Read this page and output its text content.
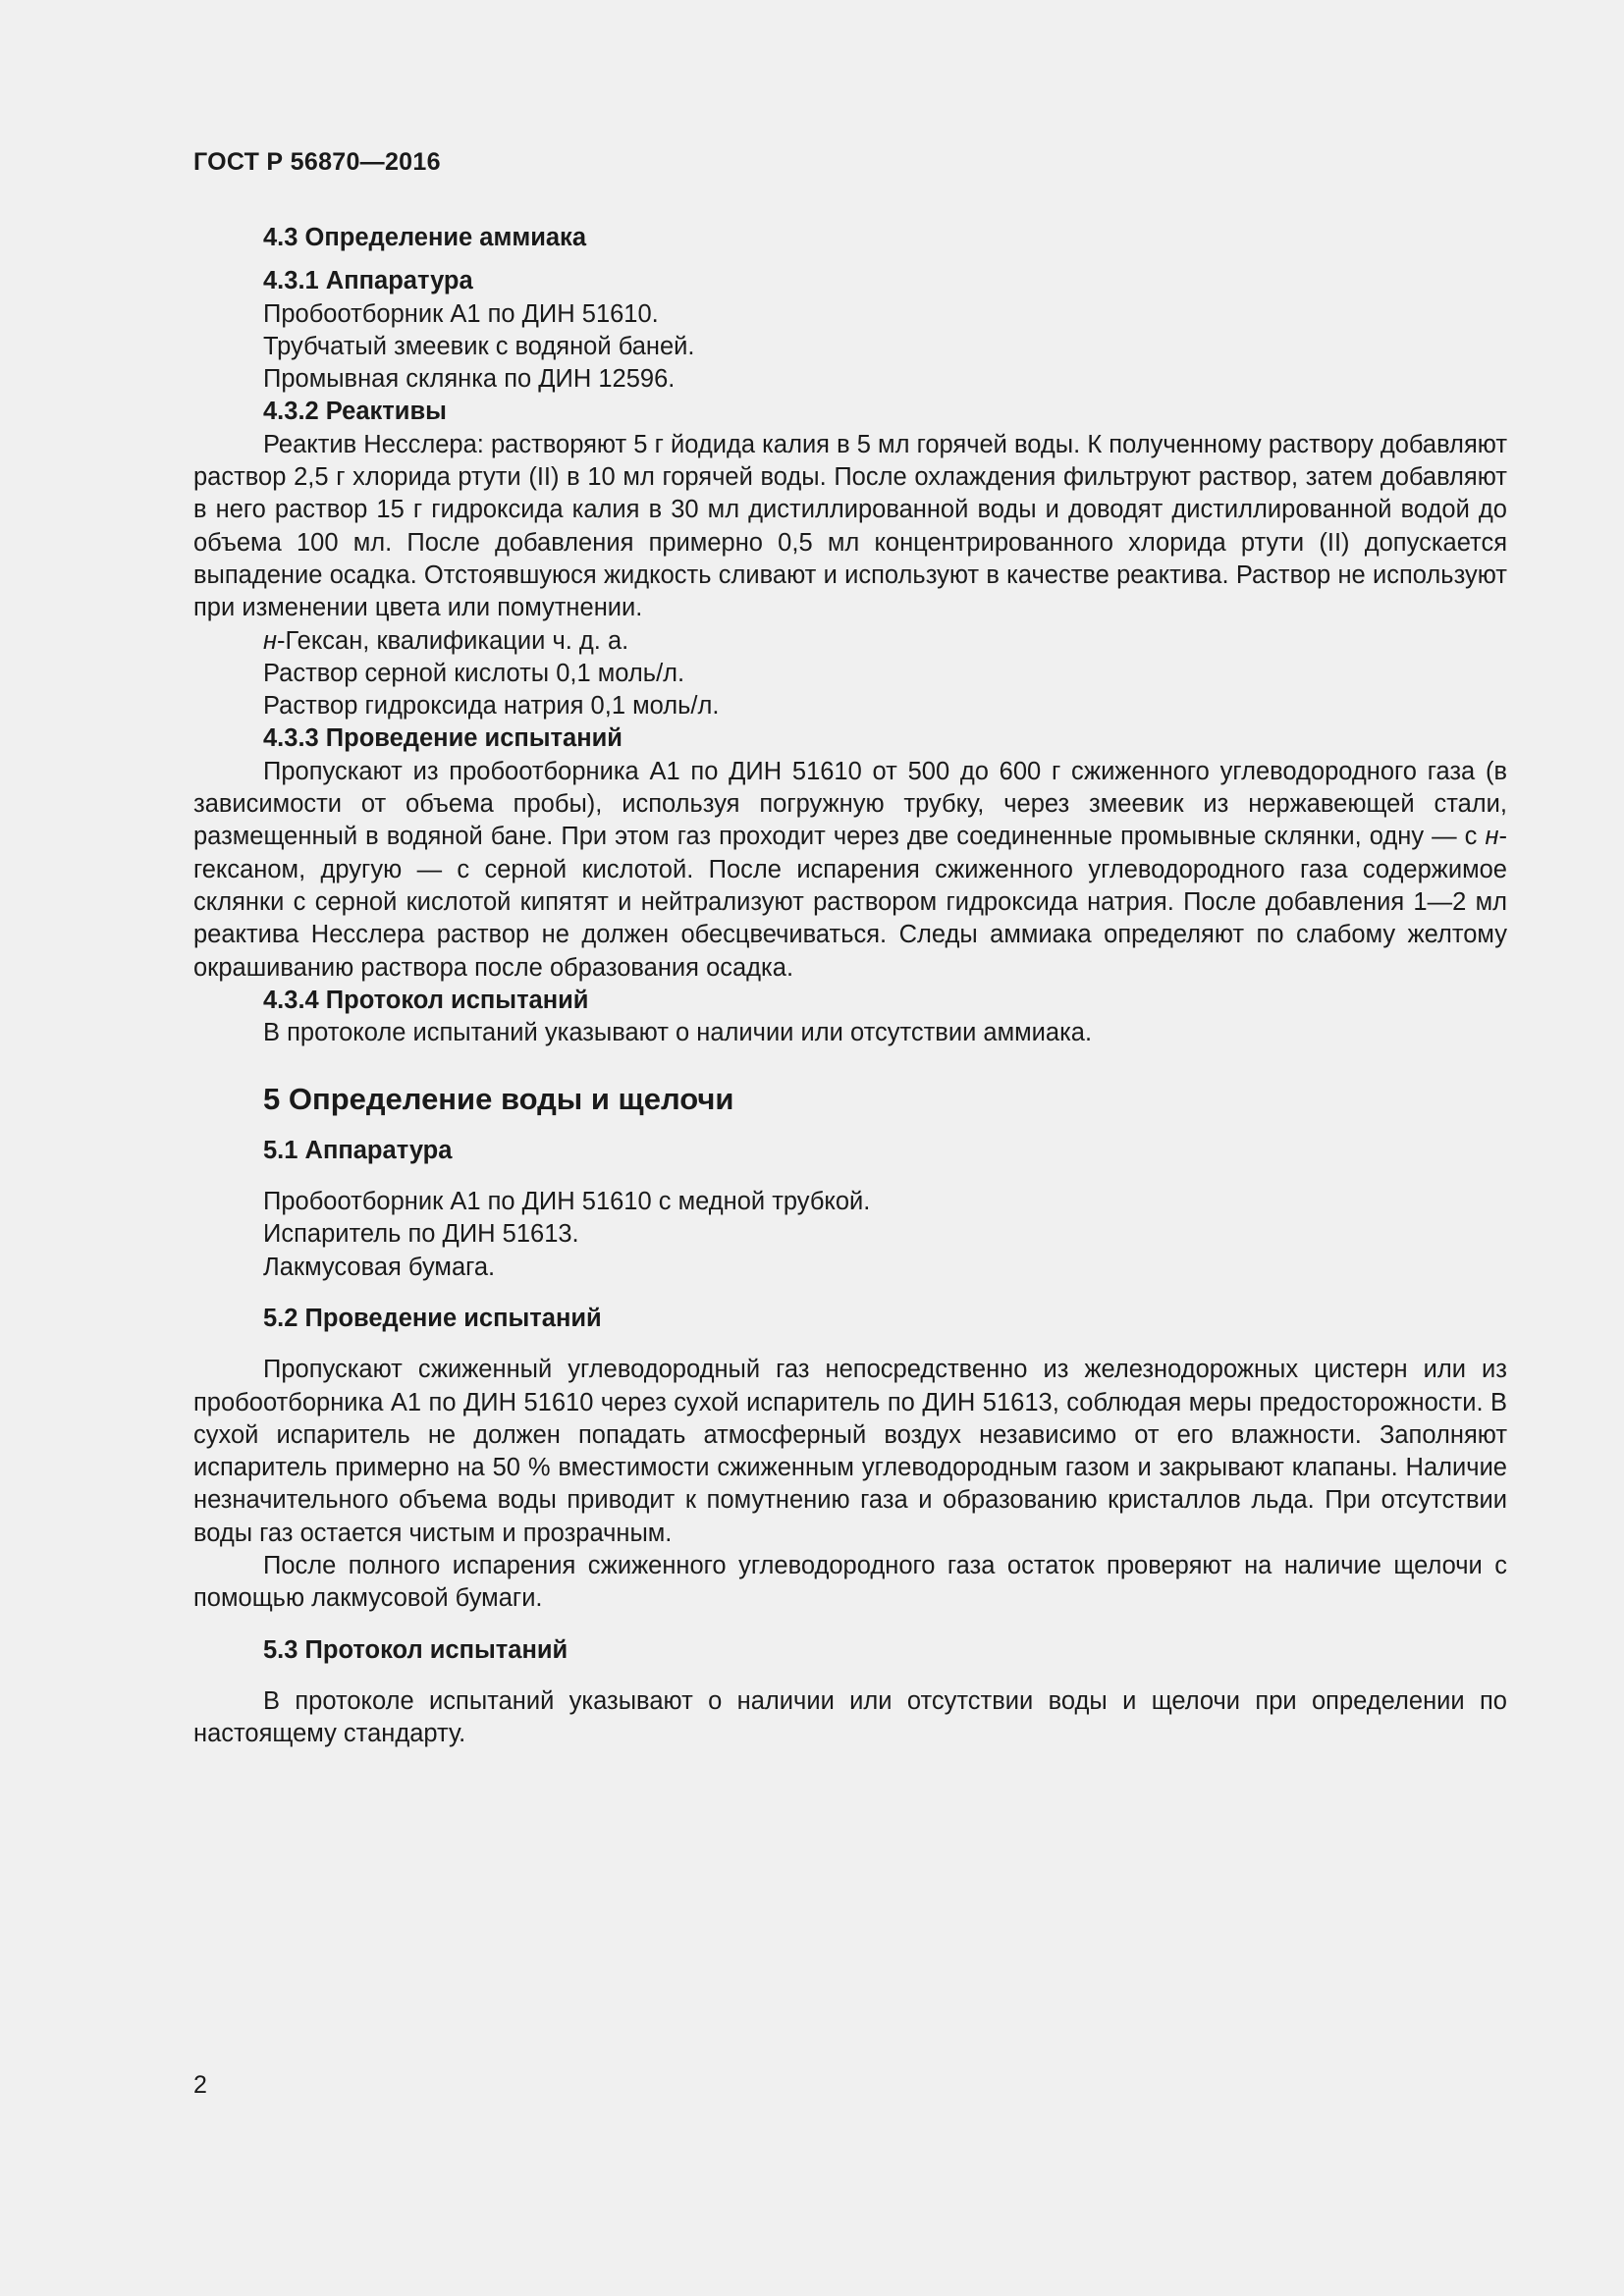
ГОСТ Р 56870—2016

4.3 Определение аммиака

4.3.1 Аппаратура

Пробоотборник А1 по ДИН 51610.

Трубчатый змеевик с водяной баней.

Промывная склянка по ДИН 12596.

4.3.2 Реактивы

Реактив Несслера: растворяют 5 г йодида калия в 5 мл горячей воды. К полученному раствору добавляют раствор 2,5 г хлорида ртути (II) в 10 мл горячей воды. После охлаждения фильтруют раствор, затем добавляют в него раствор 15 г гидроксида калия в 30 мл дистиллированной воды и доводят дистиллированной водой до объема 100 мл. После добавления примерно 0,5 мл концентрированного хлорида ртути (II) допускается выпадение осадка. Отстоявшуюся жидкость сливают и используют в качестве реактива. Раствор не используют при изменении цвета или помутнении.

н-Гексан, квалификации ч. д. а.

Раствор серной кислоты 0,1 моль/л.

Раствор гидроксида натрия 0,1 моль/л.

4.3.3 Проведение испытаний

Пропускают из пробоотборника А1 по ДИН 51610 от 500 до 600 г сжиженного углеводородного газа (в зависимости от объема пробы), используя погружную трубку, через змеевик из нержавеющей стали, размещенный в водяной бане. При этом газ проходит через две соединенные промывные склянки, одну — с н-гексаном, другую — с серной кислотой. После испарения сжиженного углеводородного газа содержимое склянки с серной кислотой кипятят и нейтрализуют раствором гидроксида натрия. После добавления 1—2 мл реактива Несслера раствор не должен обесцвечиваться. Следы аммиака определяют по слабому желтому окрашиванию раствора после образования осадка.

4.3.4 Протокол испытаний

В протоколе испытаний указывают о наличии или отсутствии аммиака.

5 Определение воды и щелочи

5.1 Аппаратура

Пробоотборник А1 по ДИН 51610 с медной трубкой.

Испаритель по ДИН 51613.

Лакмусовая бумага.

5.2 Проведение испытаний

Пропускают сжиженный углеводородный газ непосредственно из железнодорожных цистерн или из пробоотборника А1 по ДИН 51610 через сухой испаритель по ДИН 51613, соблюдая меры предосторожности. В сухой испаритель не должен попадать атмосферный воздух независимо от его влажности. Заполняют испаритель примерно на 50 % вместимости сжиженным углеводородным газом и закрывают клапаны. Наличие незначительного объема воды приводит к помутнению газа и образованию кристаллов льда. При отсутствии воды газ остается чистым и прозрачным.

После полного испарения сжиженного углеводородного газа остаток проверяют на наличие щелочи с помощью лакмусовой бумаги.

5.3 Протокол испытаний

В протоколе испытаний указывают о наличии или отсутствии воды и щелочи при определении по настоящему стандарту.

2
